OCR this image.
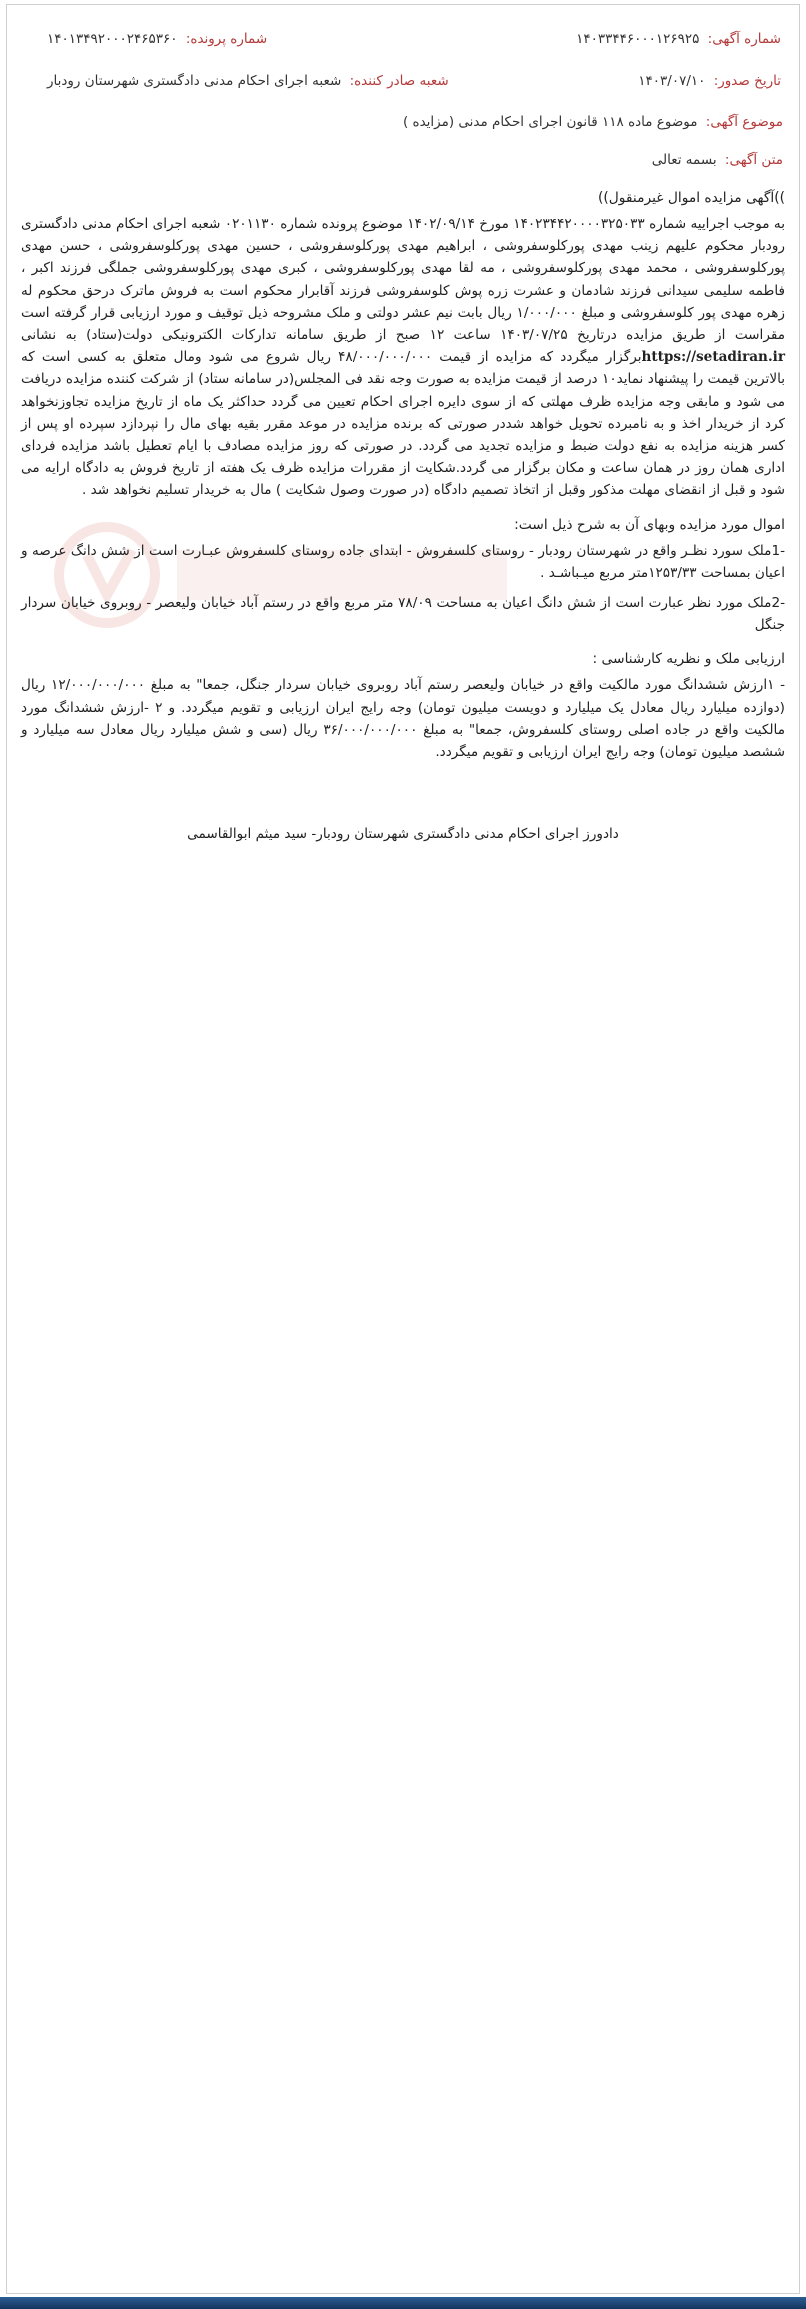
شماره آگهی: ۱۴۰۳۳۴۴۶۰۰۰۱۲۶۹۲۵
شماره پرونده: ۱۴۰۱۳۴۹۲۰۰۰۲۴۶۵۳۶۰
تاریخ صدور: ۱۴۰۳/۰۷/۱۰
شعبه صادر کننده: شعبه اجرای احکام مدنی دادگستری شهرستان رودبار
موضوع آگهی: موضوع ماده ۱۱۸ قانون اجرای احکام مدنی (مزایده )
متن آگهی: بسمه تعالی

))آگهی مزایده اموال غیرمنقول))

به موجب اجراییه شماره ۱۴۰۲۳۴۴۲۰۰۰۰۳۲۵۰۳۳ مورخ ۱۴۰۲/۰۹/۱۴ موضوع پرونده شماره ۰۲۰۱۱۳۰ شعبه اجرای احکام مدنی دادگستری رودبار محکوم علیهم زینب مهدی پورکلوسفروشی ، ابراهیم مهدی پورکلوسفروشی ، حسین مهدی پورکلوسفروشی ، حسن مهدی پورکلوسفروشی ، محمد مهدی پورکلوسفروشی ، مه لقا مهدی پورکلوسفروشی ، کبری مهدی پورکلوسفروشی جملگی فرزند اکبر ، فاطمه سلیمی سیدانی فرزند شادمان و عشرت زره پوش کلوسفروشی فرزند آقابرار محکوم است به فروش ماترک درحق محکوم له زهره مهدی پور کلوسفروشی و مبلغ ۱/۰۰۰/۰۰۰ ریال بابت نیم عشر دولتی و ملک مشروحه ذیل توقیف و مورد ارزیابی قرار گرفته است مقراست از طریق مزایده درتاریخ ۱۴۰۳/۰۷/۲۵ ساعت ۱۲ صبح از طریق سامانه تدارکات الکترونیکی دولت(ستاد) به نشانی https://setadiran.irبرگزار میگردد که مزایده از قیمت ۴۸/۰۰۰/۰۰۰/۰۰۰ ریال شروع می شود ومال متعلق به کسی است که بالاترین قیمت را پیشنهاد نماید۱۰ درصد از قیمت مزایده به صورت وجه نقد فی المجلس(در سامانه ستاد) از شرکت کننده مزایده دریافت می شود و مابقی وجه مزایده ظرف مهلتی که از سوی دایره اجرای احکام تعیین می گردد حداکثر یک ماه از تاریخ مزایده تجاوزنخواهد کرد از خریدار اخذ و به نامبرده تحویل خواهد شددر صورتی که برنده مزایده در موعد مقرر بقیه بهای مال را نپردازد سپرده او پس از کسر هزینه مزایده به نفع دولت ضبط و مزایده تجدید می گردد. در صورتی که روز مزایده مصادف با ایام تعطیل باشد مزایده فردای اداری همان روز در همان ساعت و مکان برگزار می گردد.شکایت از مقررات مزایده ظرف یک هفته از تاریخ فروش به دادگاه ارایه می شود و قبل از انقضای مهلت مذکور وقبل از اتخاذ تصمیم دادگاه (در صورت وصول شکایت ) مال به خریدار تسلیم نخواهد شد .

اموال مورد مزایده وبهای آن به شرح ذیل است:

-1ملک سورد نظـر واقع در شهرستان رودبار - روستای کلسفروش - ابتدای جاده روستای کلسفروش عبـارت است از شش دانگ عرصه و اعیان بمساحت ۱۲۵۳/۳۳متر مربع میـباشـد .

-2ملک مورد نظر عبارت است از شش دانگ اعیان به مساحت ۷۸/۰۹ متر مربع واقع در رستم آباد خیابان ولیعصر - روبروی خیابان سردار جنگل

ارزیابی ملک و نظریه کارشناسی :

- ۱ارزش ششدانگ مورد مالکیت واقع در خیابان ولیعصر رستم آباد روبروی خیابان سردار جنگل، جمعا" به مبلغ ۱۲/۰۰۰/۰۰۰/۰۰۰ ریال (دوازده میلیارد ریال معادل یک میلیارد و دویست میلیون تومان) وجه رایج ایران ارزیابی و تقویم میگردد. و ۲ -ارزش ششدانگ مورد مالکیت واقع در جاده اصلی روستای کلسفروش، جمعا" به مبلغ ۳۶/۰۰۰/۰۰۰/۰۰۰ ریال (سی و شش میلیارد ریال معادل سه میلیارد و ششصد میلیون تومان) وجه رایج ایران ارزیابی و تقویم میگردد.

دادورز اجرای احکام مدنی دادگستری شهرستان رودبار- سید میثم ابوالقاسمی
